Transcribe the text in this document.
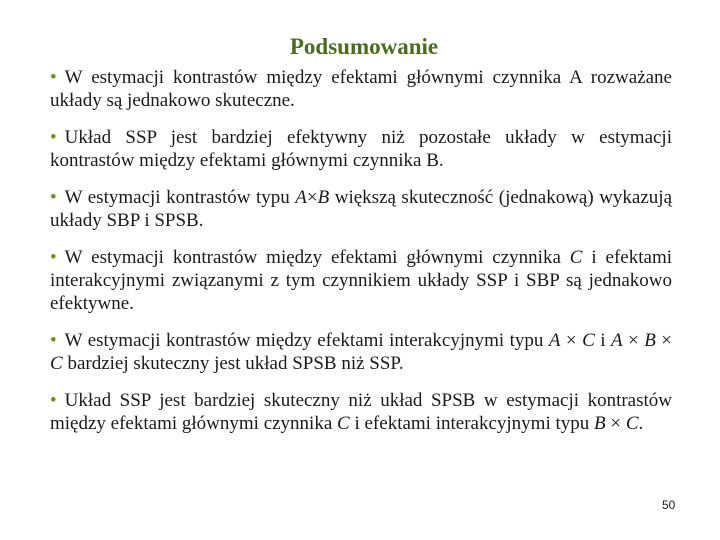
Podsumowanie

• W estymacji kontrastów między efektami głównymi czynnika A rozważane układy są jednakowo skuteczne.

• Układ SSP jest bardziej efektywny niż pozostałe układy w estymacji kontrastów między efektami głównymi czynnika B.

• W estymacji kontrastów typu A×B większą skuteczność (jednakową) wykazują układy SBP i SPSB.

• W estymacji kontrastów między efektami głównymi czynnika C i efektami interakcyjnymi związanymi z tym czynnikiem układy SSP i SBP są jednakowo efektywne.

• W estymacji kontrastów między efektami interakcyjnymi typu A × C i A × B × C bardziej skuteczny jest układ SPSB niż SSP.

• Układ SSP jest bardziej skuteczny niż układ SPSB w estymacji kontrastów między efektami głównymi czynnika C i efektami interakcyjnymi typu B × C.

50
